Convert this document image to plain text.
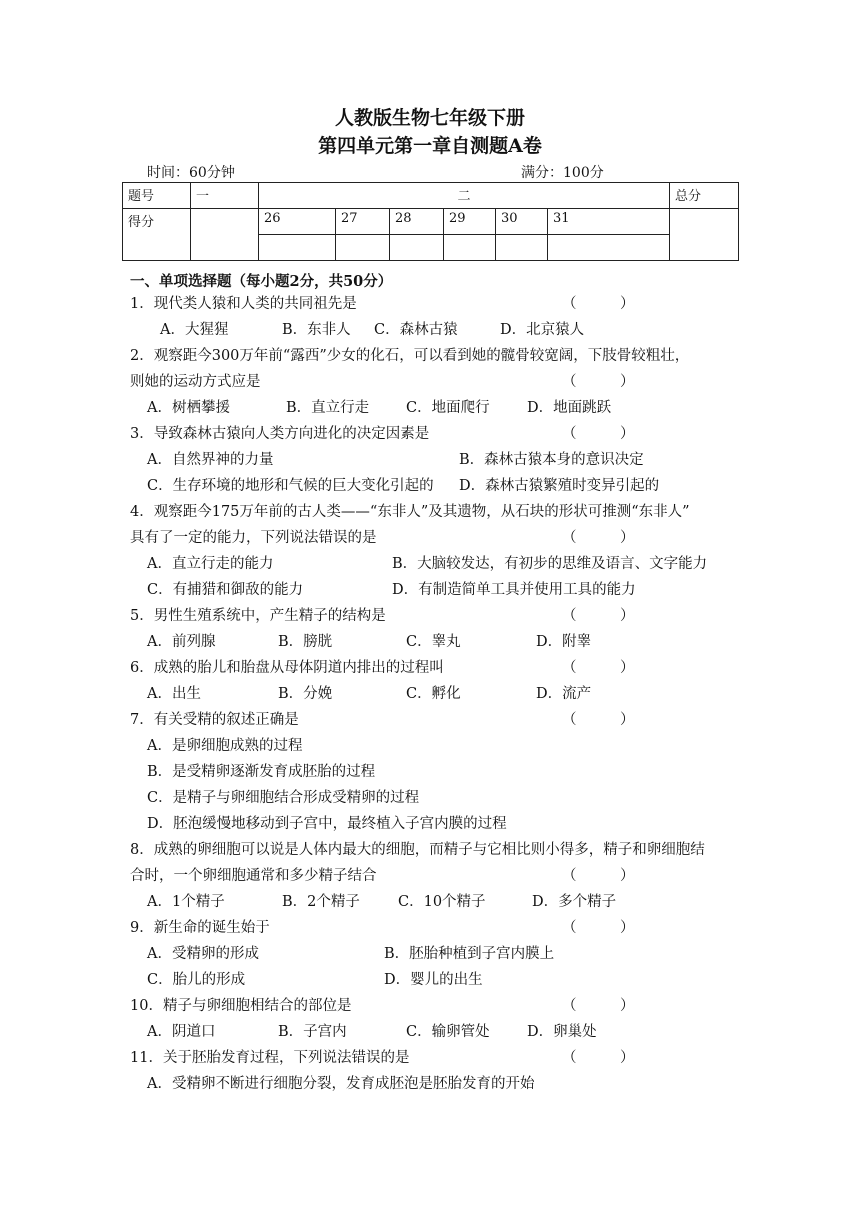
人教版生物七年级下册
第四单元第一章自测题A卷
时间：60分钟	满分：100分
题号	一	二						总分
得分		26	27	28	29	30	31	

一、单项选择题（每小题2分，共50分）
1．现代类人猿和人类的共同祖先是	（　　　）
A．大猩猩	B．东非人 C．森林古猿	D．北京猿人
2．观察距今300万年前“露西”少女的化石，可以看到她的髋骨较宽阔，下肢骨较粗壮，
则她的运动方式应是	（　　　）
A．树栖攀援	B．直立行走	C．地面爬行	D．地面跳跃
3．导致森林古猿向人类方向进化的决定因素是	（　　　）
A．自然界神的力量	B．森林古猿本身的意识决定
C．生存环境的地形和气候的巨大变化引起的 D．森林古猿繁殖时变异引起的
4．观察距今175万年前的古人类——“东非人”及其遗物，从石块的形状可推测“东非人”
具有了一定的能力，下列说法错误的是	（　　　）
A．直立行走的能力	B．大脑较发达，有初步的思维及语言、文字能力
C．有捕猎和御敌的能力	D．有制造简单工具并使用工具的能力
5．男性生殖系统中，产生精子的结构是	（　　　）
A．前列腺	B．膀胱	C．睾丸	D．附睾
6．成熟的胎儿和胎盘从母体阴道内排出的过程叫	（　　　）
A．出生	B．分娩	C．孵化	D．流产
7．有关受精的叙述正确是	（　　　）
A．是卵细胞成熟的过程
B．是受精卵逐渐发育成胚胎的过程
C．是精子与卵细胞结合形成受精卵的过程
D．胚泡缓慢地移动到子宫中，最终植入子宫内膜的过程
8．成熟的卵细胞可以说是人体内最大的细胞，而精子与它相比则小得多，精子和卵细胞结
合时，一个卵细胞通常和多少精子结合	（　　　）
A．1个精子	B．2个精子	C．10个精子	D．多个精子
9．新生命的诞生始于	（　　　）
A．受精卵的形成	B．胚胎种植到子宫内膜上
C．胎儿的形成	D．婴儿的出生
10．精子与卵细胞相结合的部位是	（　　　）
A．阴道口	B．子宫内	C．输卵管处	D．卵巢处
11．关于胚胎发育过程，下列说法错误的是	（　　　）
A．受精卵不断进行细胞分裂，发育成胚泡是胚胎发育的开始
